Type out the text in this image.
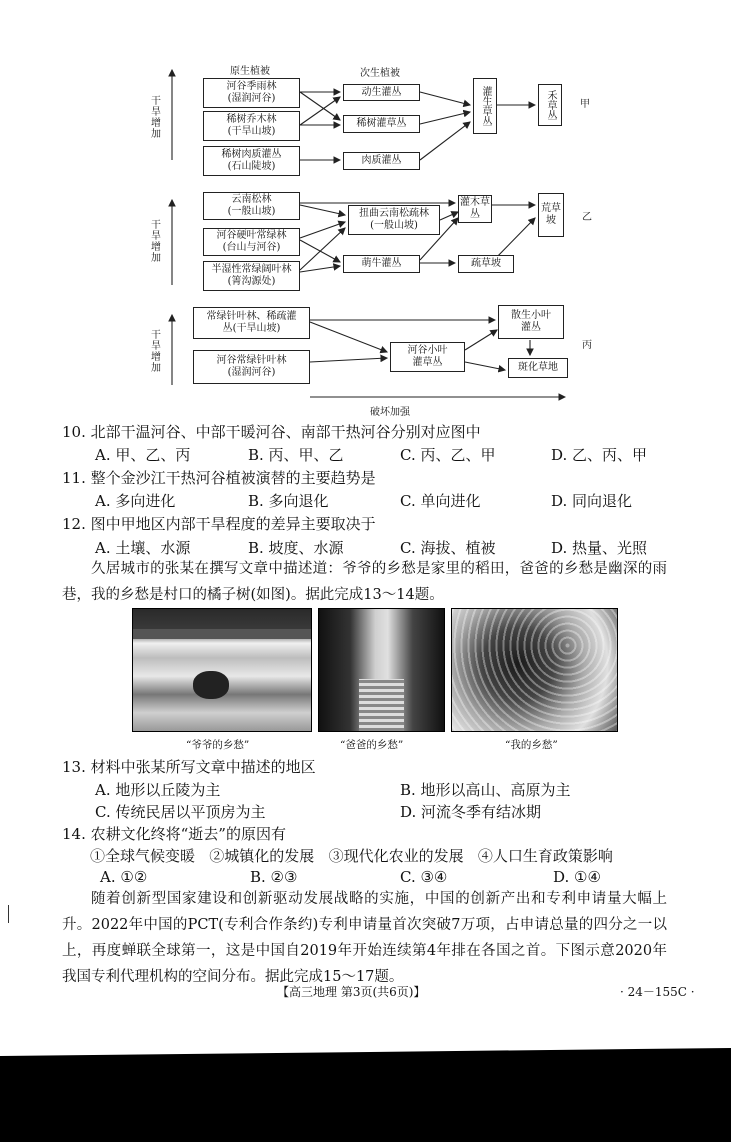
原生植被	次生植被
干旱增加
河谷季雨林
(湿润河谷)
稀树乔木林
(干旱山坡)
稀树肉质灌丛
(石山陡坡)
动生灌丛
稀树灌草丛
肉质灌丛
灌生草丛	禾草丛	甲
干旱增加
云南松林
(一般山坡)
河谷硬叶常绿林
(台山与河谷)
半湿性常绿阔叶林
(箐沟源处)
扭曲云南松疏林
(一般山坡)
萌牛灌丛
灌木草丛
疏草坡
荒草坡	乙
干旱增加
常绿针叶林、稀疏灌
丛(干旱山坡)
河谷常绿针叶林
(湿润河谷)
河谷小叶
灌草丛
散生小叶
灌丛
斑化草地
丙
破坏加强
10. 北部干温河谷、中部干暖河谷、南部干热河谷分别对应图中
A. 甲、乙、丙	B. 丙、甲、乙	C. 丙、乙、甲	D. 乙、丙、甲
11. 整个金沙江干热河谷植被演替的主要趋势是
A. 多向进化	B. 多向退化	C. 单向进化	D. 同向退化
12. 图中甲地区内部干旱程度的差异主要取决于
A. 土壤、水源	B. 坡度、水源	C. 海拔、植被	D. 热量、光照
久居城市的张某在撰写文章中描述道：爷爷的乡愁是家里的稻田，爸爸的乡愁是幽深的雨巷，我的乡愁是村口的橘子树(如图)。据此完成13～14题。
“爷爷的乡愁”	“爸爸的乡愁”	“我的乡愁”
13. 材料中张某所写文章中描述的地区
A. 地形以丘陵为主	B. 地形以高山、高原为主
C. 传统民居以平顶房为主	D. 河流冬季有结冰期
14. 农耕文化终将“逝去”的原因有
①全球气候变暖   ②城镇化的发展   ③现代化农业的发展   ④人口生育政策影响
A. ①②	B. ②③	C. ③④	D. ①④
随着创新型国家建设和创新驱动发展战略的实施，中国的创新产出和专利申请量大幅上升。2022年中国的PCT(专利合作条约)专利申请量首次突破7万项，占申请总量的四分之一以上，再度蝉联全球第一，这是中国自2019年开始连续第4年排在各国之首。下图示意2020年我国专利代理机构的空间分布。据此完成15～17题。
【高三地理 第3页(共6页)】	· 24－155C ·
